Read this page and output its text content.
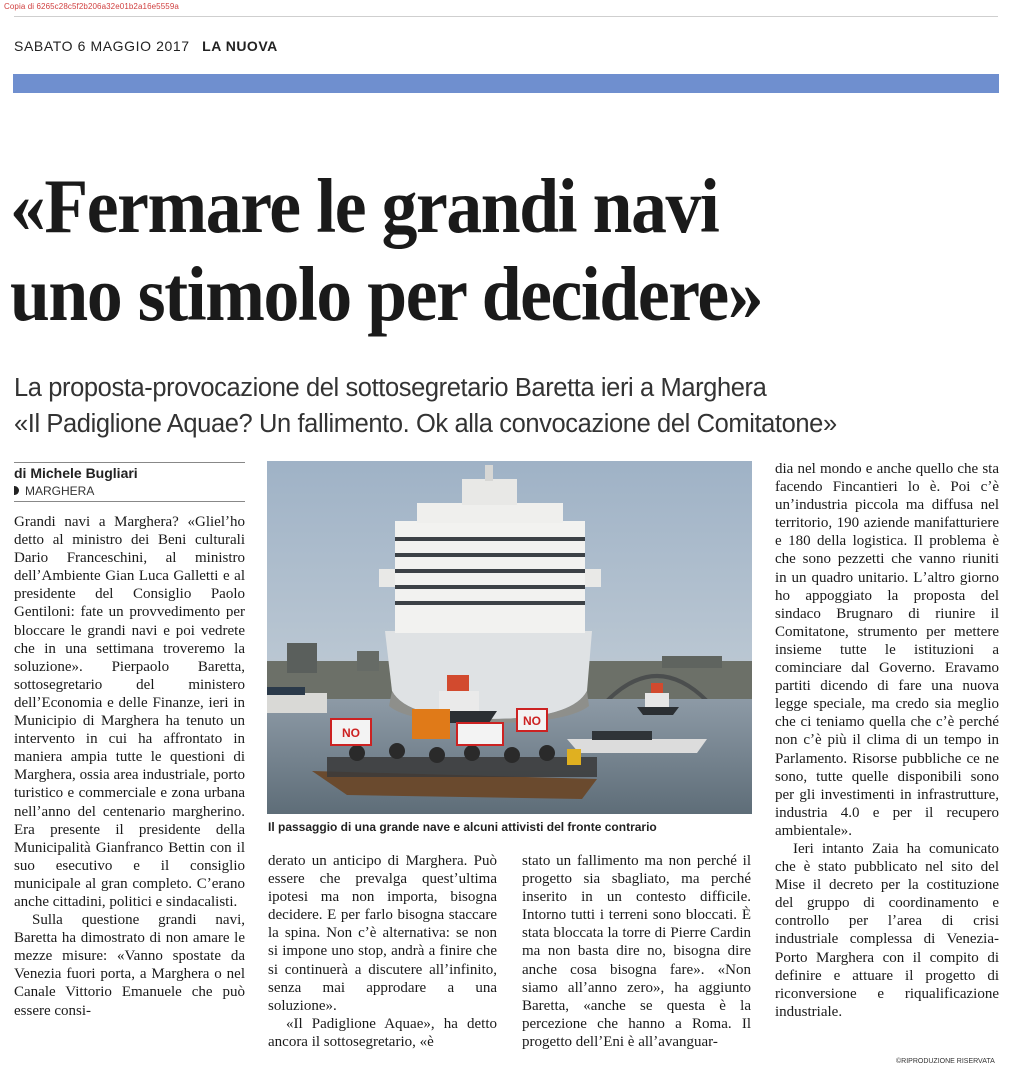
Copia di 6265c28c5f2b206a32e01b2a16e5559a
SABATO 6 MAGGIO 2017 LA NUOVA
«Fermare le grandi navi
uno stimolo per decidere»
La proposta-provocazione del sottosegretario Baretta ieri a Marghera
«Il Padiglione Aquae? Un fallimento. Ok alla convocazione del Comitatone»
di Michele Bugliari
MARGHERA

Grandi navi a Marghera? «Glielʼho detto al ministro dei Beni culturali Dario Franceschini, al ministro dellʼAmbiente Gian Luca Galletti e al presidente del Consiglio Paolo Gentiloni: fate un provvedimento per bloccare le grandi navi e poi vedrete che in una settimana troveremo la soluzione». Pierpaolo Baretta, sottosegretario del ministero dellʼEconomia e delle Finanze, ieri in Municipio di Marghera ha tenuto un intervento in cui ha affrontato in maniera ampia tutte le questioni di Marghera, ossia area industriale, porto turistico e commerciale e zona urbana nellʼanno del centenario margherino. Era presente il presidente della Municipalità Gianfranco Bettin con il suo esecutivo e il consiglio municipale al gran completo. Cʼerano anche cittadini, politici e sindacalisti.

Sulla questione grandi navi, Baretta ha dimostrato di non amare le mezze misure: «Vanno spostate da Venezia fuori porta, a Marghera o nel Canale Vittorio Emanuele che può essere consi-

NO
NO
Il passaggio di una grande nave e alcuni attivisti del fronte contrario

derato un anticipo di Marghera. Può essere che prevalga questʼultima ipotesi ma non importa, bisogna decidere. E per farlo bisogna staccare la spina. Non cʼè alternativa: se non si impone uno stop, andrà a finire che si continuerà a discutere allʼinfinito, senza mai approdare a una soluzione».

«Il Padiglione Aquae», ha detto ancora il sottosegretario, «è

stato un fallimento ma non perché il progetto sia sbagliato, ma perché inserito in un contesto difficile. Intorno tutti i terreni sono bloccati. È stata bloccata la torre di Pierre Cardin ma non basta dire no, bisogna dire anche cosa bisogna fare». «Non siamo allʼanno zero», ha aggiunto Baretta, «anche se questa è la percezione che hanno a Roma. Il progetto dellʼEni è allʼavanguar-

dia nel mondo e anche quello che sta facendo Fincantieri lo è. Poi cʼè unʼindustria piccola ma diffusa nel territorio, 190 aziende manifatturiere e 180 della logistica. Il problema è che sono pezzetti che vanno riuniti in un quadro unitario. Lʼaltro giorno ho appoggiato la proposta del sindaco Brugnaro di riunire il Comitatone, strumento per mettere insieme tutte le istituzioni a cominciare dal Governo. Eravamo partiti dicendo di fare una nuova legge speciale, ma credo sia meglio che ci teniamo quella che cʼè perché non cʼè più il clima di un tempo in Parlamento. Risorse pubbliche ce ne sono, tutte quelle disponibili sono per gli investimenti in infrastrutture, industria 4.0 e per il recupero ambientale».

Ieri intanto Zaia ha comunicato che è stato pubblicato nel sito del Mise il decreto per la costituzione del gruppo di coordinamento e controllo per lʼarea di crisi industriale complessa di Venezia-Porto Marghera con il compito di definire e attuare il progetto di riconversione e riqualificazione industriale.

©RIPRODUZIONE RISERVATA
